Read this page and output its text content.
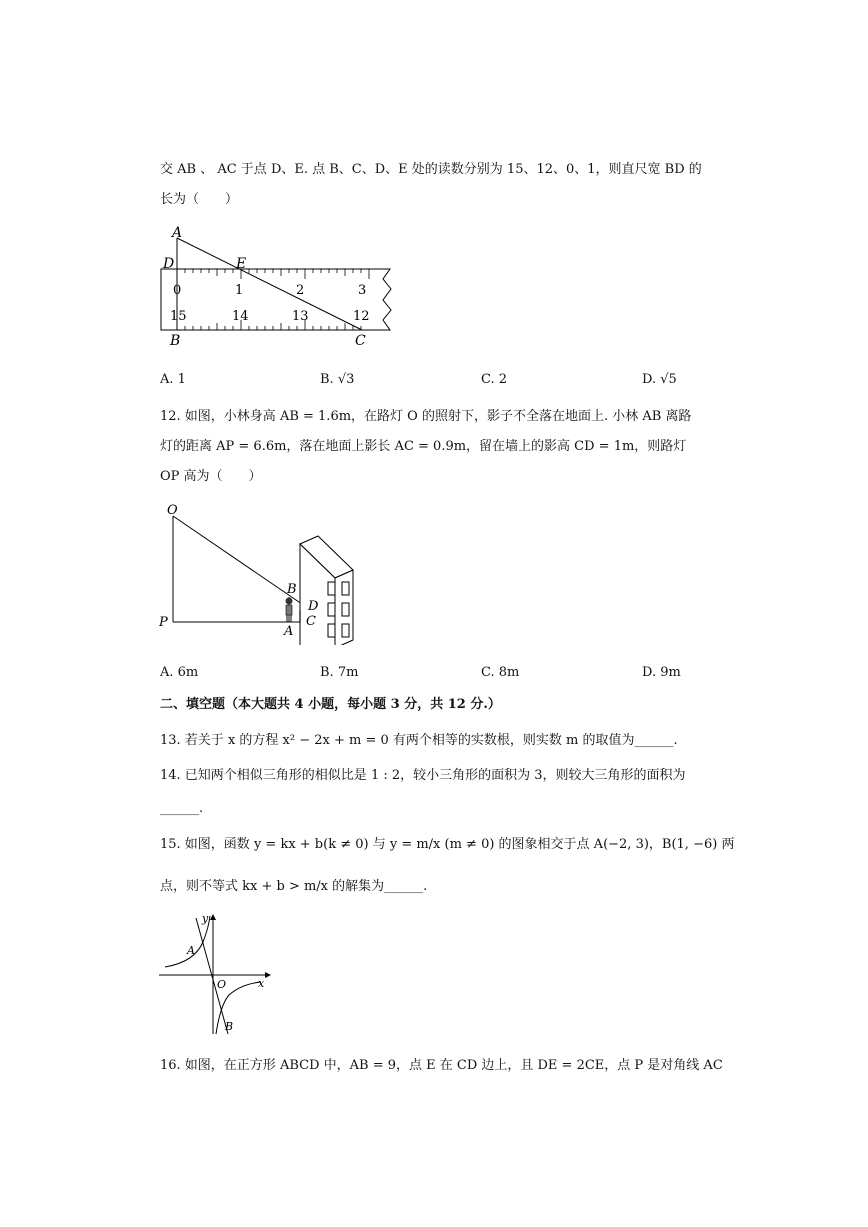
交 AB 、 AC 于点 D、E. 点 B、C、D、E 处的读数分别为 15、12、0、1，则直尺宽 BD 的
长为（　　）
0	1	2	3
15	14	13	12
A
D	E
B	C
A. 1	B. √3	C. 2	D. √5
12. 如图，小林身高 AB = 1.6m，在路灯 O 的照射下，影子不全落在地面上. 小林 AB 离路
灯的距离 AP = 6.6m，落在地面上影长 AC = 0.9m，留在墙上的影高 CD = 1m，则路灯
OP 高为（　　）
O
P
B
D
C
A
A. 6m	B. 7m	C. 8m	D. 9m
二、填空题（本大题共 4 小题，每小题 3 分，共 12 分.）
13. 若关于 x 的方程 x² − 2x + m = 0 有两个相等的实数根，则实数 m 的取值为______.
14. 已知两个相似三角形的相似比是 1 : 2，较小三角形的面积为 3，则较大三角形的面积为
______.
15. 如图，函数 y = kx + b(k ≠ 0) 与 y = m/x (m ≠ 0) 的图象相交于点 A(−2, 3)，B(1, −6) 两
点，则不等式 kx + b > m/x 的解集为______.
y
x
O
A
B
16. 如图，在正方形 ABCD 中，AB = 9，点 E 在 CD 边上，且 DE = 2CE，点 P 是对角线 AC
